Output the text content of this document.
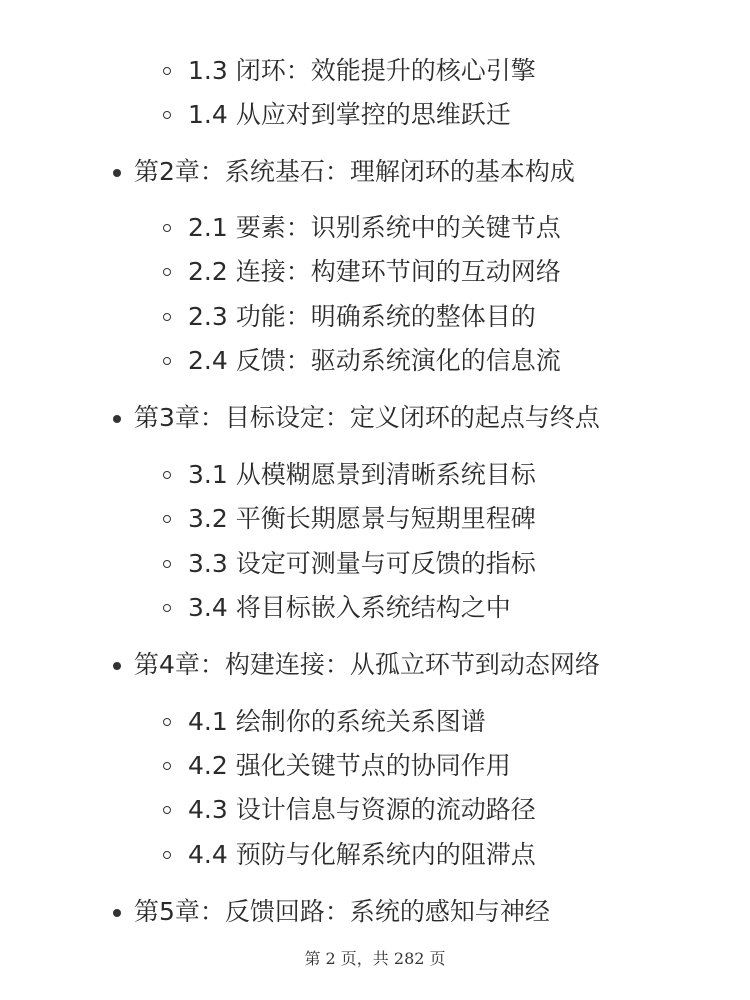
1.3 闭环：效能提升的核心引擎
1.4 从应对到掌控的思维跃迁
第2章：系统基石：理解闭环的基本构成
2.1 要素：识别系统中的关键节点
2.2 连接：构建环节间的互动网络
2.3 功能：明确系统的整体目的
2.4 反馈：驱动系统演化的信息流
第3章：目标设定：定义闭环的起点与终点
3.1 从模糊愿景到清晰系统目标
3.2 平衡长期愿景与短期里程碑
3.3 设定可测量与可反馈的指标
3.4 将目标嵌入系统结构之中
第4章：构建连接：从孤立环节到动态网络
4.1 绘制你的系统关系图谱
4.2 强化关键节点的协同作用
4.3 设计信息与资源的流动路径
4.4 预防与化解系统内的阻滞点
第5章：反馈回路：系统的感知与神经
第 2 页，共 282 页
